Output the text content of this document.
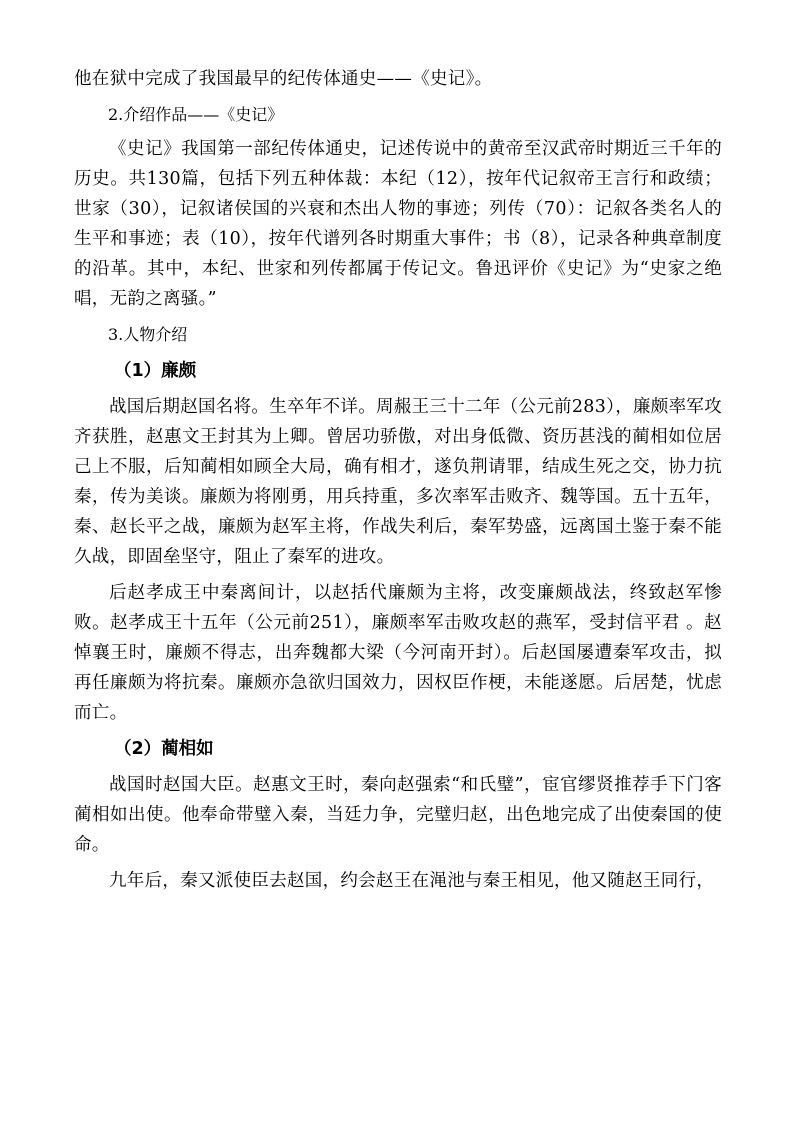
他在狱中完成了我国最早的纪传体通史——《史记》。

2.介绍作品——《史记》

《史记》我国第一部纪传体通史，记述传说中的黄帝至汉武帝时期近三千年的历史。共130篇，包括下列五种体裁：本纪（12），按年代记叙帝王言行和政绩；世家（30），记叙诸侯国的兴衰和杰出人物的事迹；列传（70）：记叙各类名人的生平和事迹；表（10），按年代谱列各时期重大事件；书（8），记录各种典章制度的沿革。其中，本纪、世家和列传都属于传记文。鲁迅评价《史记》为“史家之绝唱，无韵之离骚。”

3.人物介绍
（1）廉颇

战国后期赵国名将。生卒年不详。周赧王三十二年（公元前283），廉颇率军攻齐获胜，赵惠文王封其为上卿。曾居功骄傲，对出身低微、资历甚浅的蔺相如位居己上不服，后知蔺相如顾全大局，确有相才，遂负荆请罪，结成生死之交，协力抗秦，传为美谈。廉颇为将刚勇，用兵持重，多次率军击败齐、魏等国。五十五年，秦、赵长平之战，廉颇为赵军主将，作战失利后，秦军势盛，远离国土鉴于秦不能久战，即固垒坚守，阻止了秦军的进攻。

后赵孝成王中秦离间计，以赵括代廉颇为主将，改变廉颇战法，终致赵军惨败。赵孝成王十五年（公元前251），廉颇率军击败攻赵的燕军，受封信平君 。赵悼襄王时，廉颇不得志，出奔魏都大梁（今河南开封）。后赵国屡遭秦军攻击，拟再任廉颇为将抗秦。廉颇亦急欲归国效力，因权臣作梗，未能遂愿。后居楚，忧虑而亡。

（2）蔺相如

战国时赵国大臣。赵惠文王时，秦向赵强索“和氏璧”，宦官缪贤推荐手下门客蔺相如出使。他奉命带璧入秦，当廷力争，完璧归赵，出色地完成了出使秦国的使命。

九年后，秦又派使臣去赵国，约会赵王在渑池与秦王相见，他又随赵王同行，
